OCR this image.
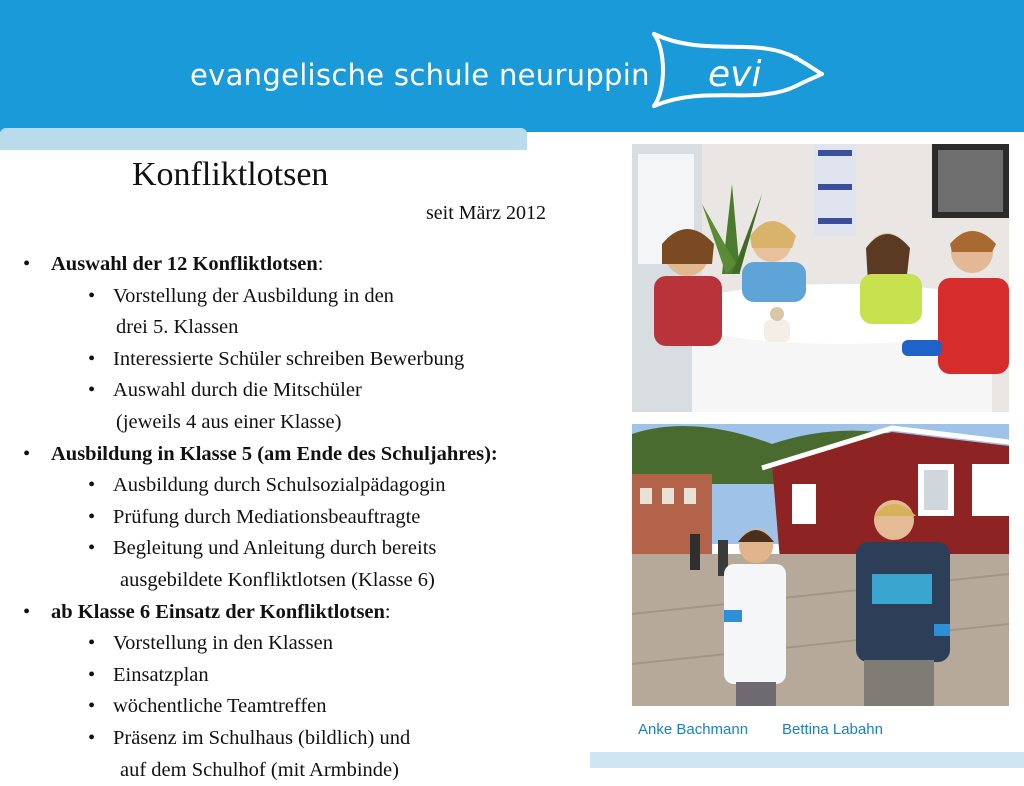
evangelische schule neuruppin evi
Konfliktlotsen
seit März 2012
• Auswahl der 12 Konfliktlotsen:
• Vorstellung der Ausbildung in den
drei 5. Klassen
• Interessierte Schüler schreiben Bewerbung
• Auswahl durch die Mitschüler
(jeweils 4 aus einer Klasse)
• Ausbildung in Klasse 5 (am Ende des Schuljahres):
• Ausbildung durch Schulsozialpädagogin
• Prüfung durch Mediationsbeauftragte
• Begleitung und Anleitung durch bereits
ausgebildete Konfliktlotsen (Klasse 6)
• ab Klasse 6 Einsatz der Konfliktlotsen:
• Vorstellung in den Klassen
• Einsatzplan
• wöchentliche Teamtreffen
• Präsenz im Schulhaus (bildlich) und
auf dem Schulhof (mit Armbinde)
Anke Bachmann Bettina Labahn
